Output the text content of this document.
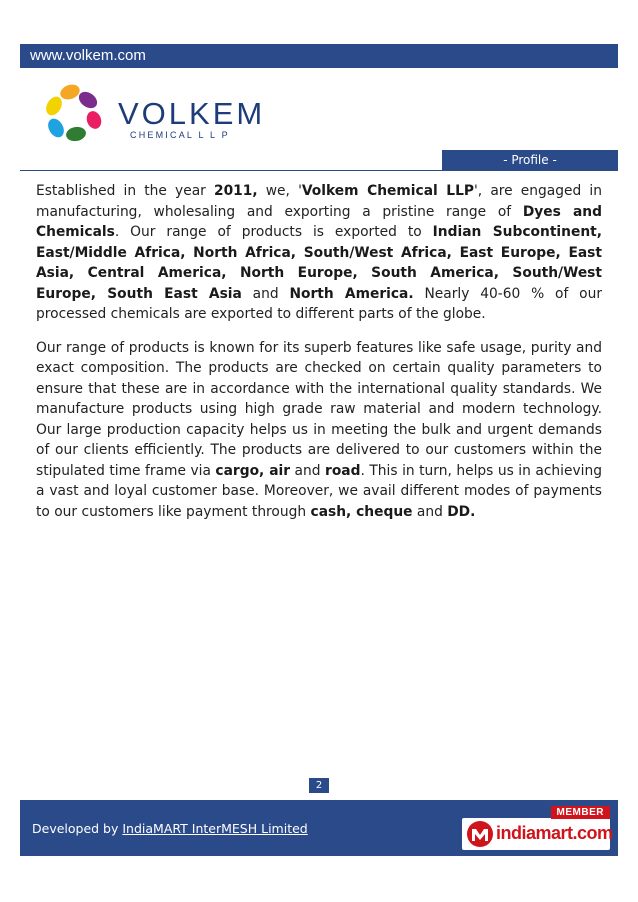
www.volkem.com
VOLKEM
CHEMICAL L L P
- Profile -

Established in the year 2011, we, 'Volkem Chemical LLP', are engaged in manufacturing, wholesaling and exporting a pristine range of Dyes and Chemicals. Our range of products is exported to Indian Subcontinent, East/Middle Africa, North Africa, South/West Africa, East Europe, East Asia, Central America, North Europe, South America, South/West Europe, South East Asia and North America. Nearly 40-60 % of our processed chemicals are exported to different parts of the globe.

Our range of products is known for its superb features like safe usage, purity and exact composition. The products are checked on certain quality parameters to ensure that these are in accordance with the international quality standards. We manufacture products using high grade raw material and modern technology. Our large production capacity helps us in meeting the bulk and urgent demands of our clients efficiently. The products are delivered to our customers within the stipulated time frame via cargo, air and road. This in turn, helps us in achieving a vast and loyal customer base. Moreover, we avail different modes of payments to our customers like payment through cash, cheque and DD.

2
Developed by IndiaMART InterMESH Limited	indiamart.com
MEMBER
